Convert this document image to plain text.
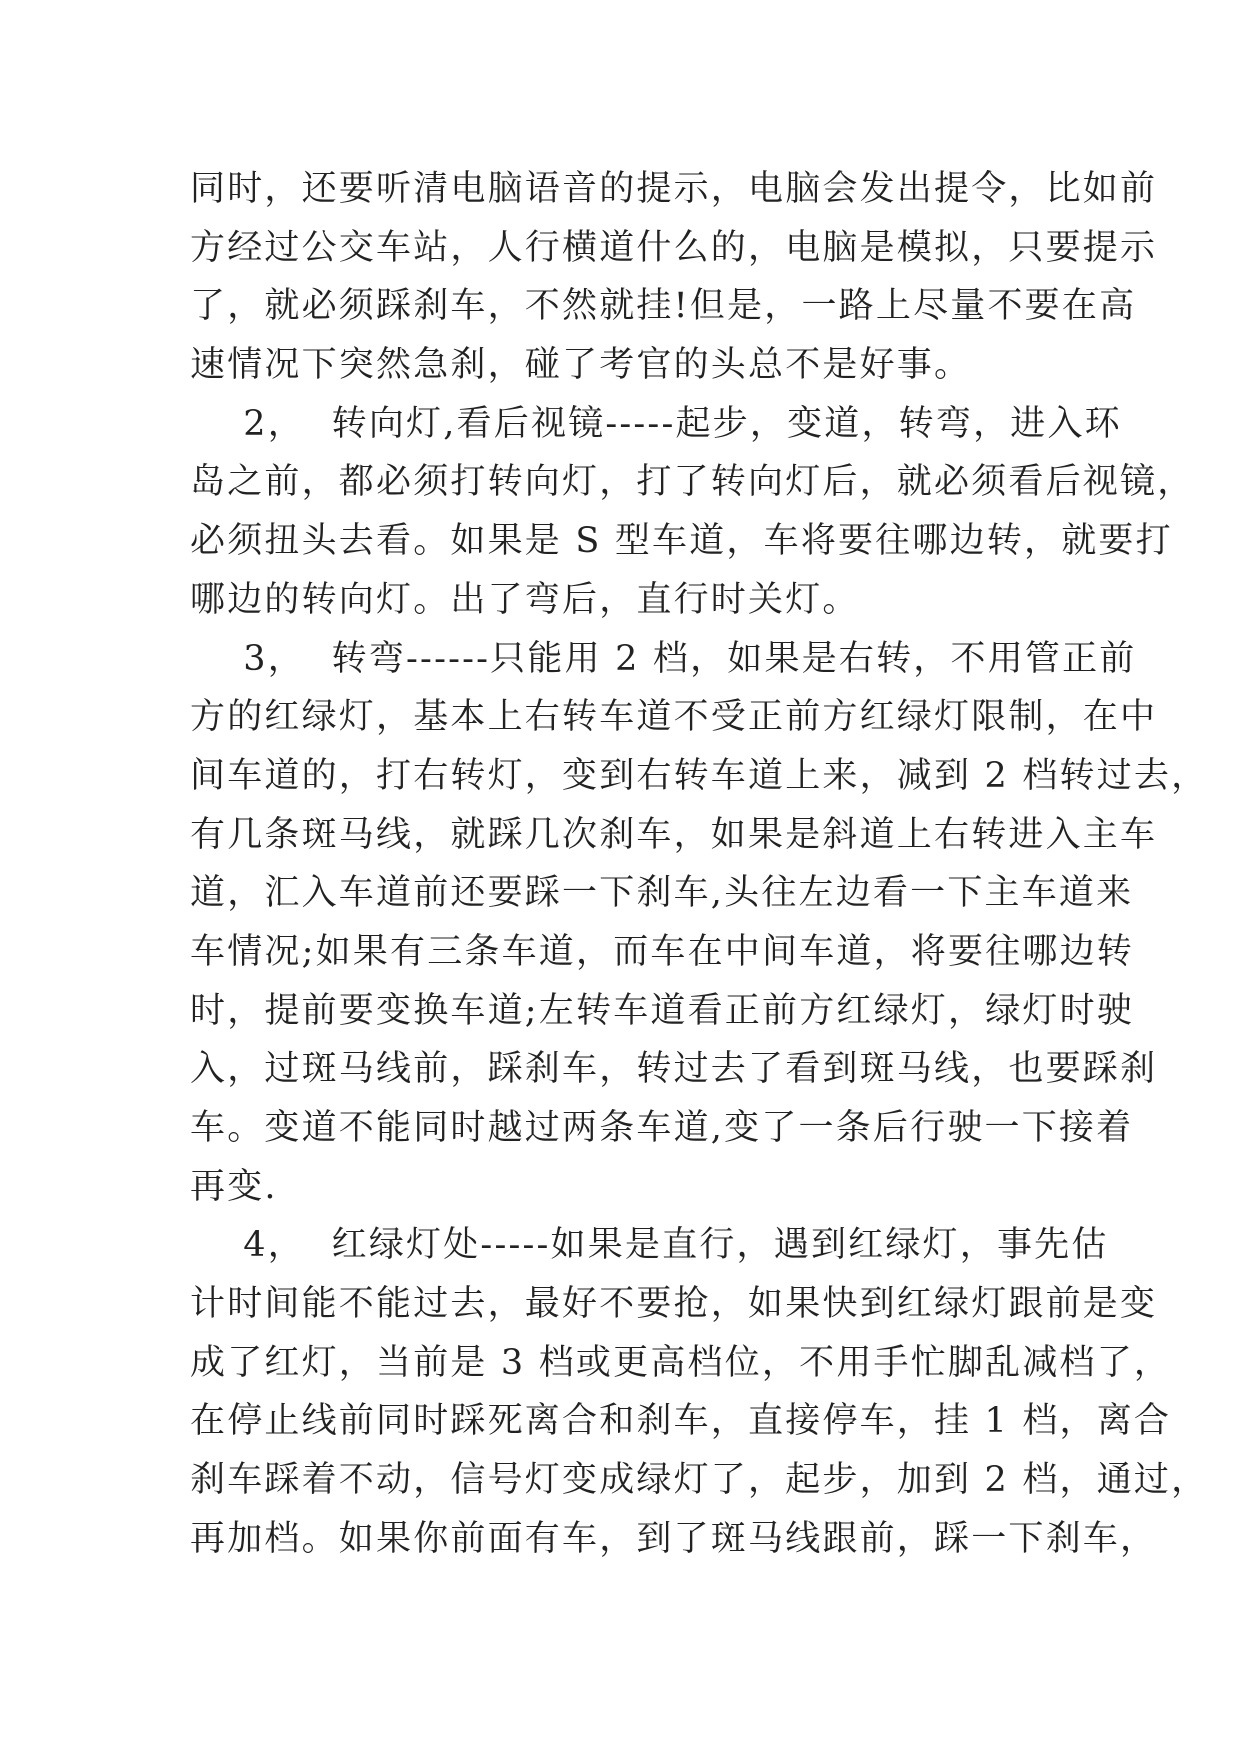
同时，还要听清电脑语音的提示，电脑会发出提令，比如前
方经过公交车站，人行横道什么的，电脑是模拟，只要提示
了，就必须踩刹车，不然就挂!但是，一路上尽量不要在高
速情况下突然急刹，碰了考官的头总不是好事。
2，  转向灯,看后视镜-----起步，变道，转弯，进入环
岛之前，都必须打转向灯，打了转向灯后，就必须看后视镜，
必须扭头去看。如果是 S 型车道，车将要往哪边转，就要打
哪边的转向灯。出了弯后，直行时关灯。
3，  转弯------只能用 2 档，如果是右转，不用管正前
方的红绿灯，基本上右转车道不受正前方红绿灯限制，在中
间车道的，打右转灯，变到右转车道上来，减到 2 档转过去，
有几条斑马线，就踩几次刹车，如果是斜道上右转进入主车
道，汇入车道前还要踩一下刹车,头往左边看一下主车道来
车情况;如果有三条车道，而车在中间车道，将要往哪边转
时，提前要变换车道;左转车道看正前方红绿灯，绿灯时驶
入，过斑马线前，踩刹车，转过去了看到斑马线，也要踩刹
车。变道不能同时越过两条车道,变了一条后行驶一下接着
再变.
4，  红绿灯处-----如果是直行，遇到红绿灯，事先估
计时间能不能过去，最好不要抢，如果快到红绿灯跟前是变
成了红灯，当前是 3 档或更高档位，不用手忙脚乱减档了，
在停止线前同时踩死离合和刹车，直接停车，挂 1 档，离合
刹车踩着不动，信号灯变成绿灯了，起步，加到 2 档，通过，
再加档。如果你前面有车，到了斑马线跟前，踩一下刹车，
